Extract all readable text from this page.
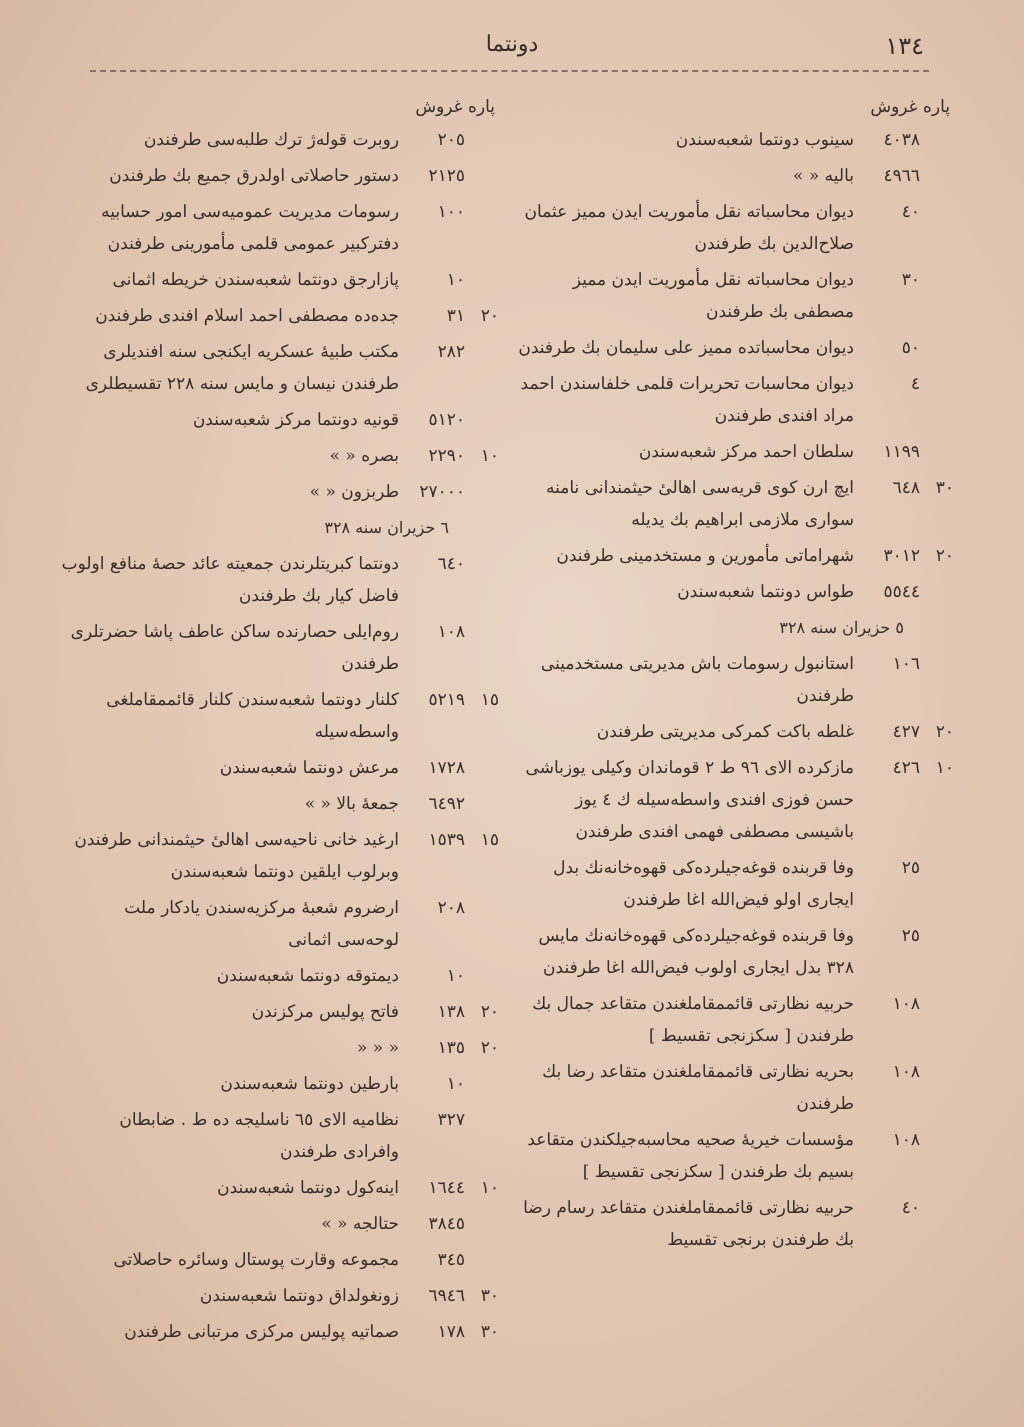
١٣٤
دونتما
پاره غروش
٤٠٣٨
سینوب دونتما شعبه‌سندن
٤٩٦٦
بالیه « »
٤٠
دیوان محاسباته نقل مأموریت ایدن ممیز عثمان صلاح‌الدین بك طرفندن
٣٠
دیوان محاسباته نقل مأموریت ایدن ممیز مصطفی بك طرفندن
٥٠
دیوان محاسباتده ممیز علی سلیمان بك طرفندن
٤
دیوان محاسبات تحریرات قلمی خلفاسندن احمد مراد افندی طرفندن
١١٩٩
سلطان احمد مرکز شعبه‌سندن
٣٠
٦٤٨
ایچ ارن کوی قریه‌سی اهالیٔ حیثمندانی نامنه سواری ملازمی ابراهیم بك یدیله
٢٠
٣٠١٢
شهراماتی مأمورین و مستخدمینی طرفندن
٥٥٤٤
طواس دونتما شعبه‌سندن
٥ حزیران سنه ٣٢٨
١٠٦
استانبول رسومات باش مدیریتی مستخدمینی طرفندن
٢٠
٤٢٧
غلطه باکت کمرکی مدیریتی طرفندن
١٠
٤٢٦
مازکرده الای ٩٦ ط ٢ قوماندان وکیلی یوزباشی حسن فوزی افندی واسطه‌سیله ك ٤ یوز باشیسی مصطفی فهمی افندی طرفندن
٢٥
وفا قربنده قوغه‌جیلرده‌کی قهوه‌خانه‌نك بدل ایجاری اولو فیض‌الله اغا طرفندن
٢٥
وفا قربنده قوغه‌جیلرده‌کی قهوه‌خانه‌نك مایس ٣٢٨ بدل ایجاری اولوب فیض‌الله اغا طرفندن
١٠٨
حربیه نظارتی قائممقاملغندن متقاعد جمال بك طرفندن [ سکزنجی تقسیط ]
١٠٨
بحریه نظارتی قائممقاملغندن متقاعد رضا بك طرفندن
١٠٨
مؤسسات خیریهٔ صحیه محاسبه‌جیلکندن متقاعد بسیم بك طرفندن [ سکزنجی تقسیط ]
٤٠
حربیه نظارتی قائممقاملغندن متقاعد رسام رضا بك طرفندن برنجی تقسیط
پاره غروش
٢٠٥
روبرت قوله‌ژ ترك طلبه‌سی طرفندن
٢١٢٥
دستور حاصلاتی اولدرق جمیع بك طرفندن
١٠٠
رسومات مدیریت عمومیه‌سی امور حسابیه دفترکبیر عمومی قلمی مأمورینی طرفندن
١٠
پازارجق دونتما شعبه‌سندن خریطه اثمانی
٢٠
٣١
جده‌ده مصطفی احمد اسلام افندی طرفندن
٢٨٢
مکتب طبیهٔ عسکریه ایکنجی سنه افندیلری طرفندن نیسان و مایس سنه ٢٢٨ تقسیطلری
٥١٢٠
قونیه دونتما مرکز شعبه‌سندن
١٠
٢٢٩٠
بصره « »
٢٧٠٠٠
طربزون « »
٦ حزیران سنه ٣٢٨
٦٤٠
دونتما کبریتلرندن جمعیته عائد حصهٔ منافع اولوب فاضل کیار بك طرفندن
١٠٨
روم‌ایلی حصارنده ساکن عاطف پاشا حضرتلری طرفندن
١٥
٥٢١٩
کلنار دونتما شعبه‌سندن کلنار قائممقاملغی واسطه‌سیله
١٧٢٨
مرعش دونتما شعبه‌سندن
٦٤٩٢
جمعهٔ بالا « »
١٥
١٥٣٩
ارغید خانی ناحیه‌سی اهالیٔ حیثمندانی طرفندن وبرلوب ایلقین دونتما شعبه‌سندن
٢٠٨
ارضروم شعبهٔ مرکزیه‌سندن یادکار ملت لوحه‌سی اثمانی
١٠
دیمتوقه دونتما شعبه‌سندن
٢٠
١٣٨
فاتح پولیس مرکزندن
٢٠
١٣٥
« « «
١٠
بارطین دونتما شعبه‌سندن
٣٢٧
نظامیه الای ٦٥ ناسلیجه ده ط . ضابطان وافرادی طرفندن
١٠
١٦٤٤
اینه‌کول دونتما شعبه‌سندن
٣٨٤٥
حتالجه « »
٣٤٥
مجموعه وقارت پوستال وسائره حاصلاتی
٣٠
٦٩٤٦
زونغولداق دونتما شعبه‌سندن
٣٠
١٧٨
صماتیه پولیس مرکزی مرتبانی طرفندن
